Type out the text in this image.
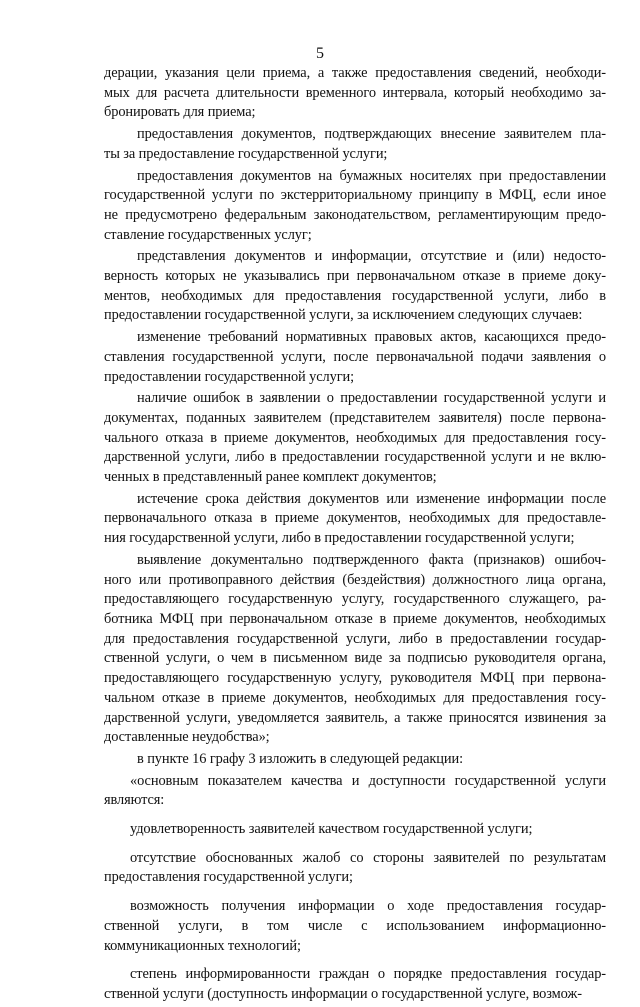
5
дерации, указания цели приема, а также предоставления сведений, необходи-
мых для расчета длительности временного интервала, который необходимо за-
бронировать для приема;
предоставления документов, подтверждающих внесение заявителем пла-
ты за предоставление государственной услуги;
предоставления документов на бумажных носителях при предоставлении
государственной услуги по экстерриториальному принципу в МФЦ, если иное
не предусмотрено федеральным законодательством, регламентирующим предо-
ставление государственных услуг;
представления документов и информации, отсутствие и (или) недосто-
верность которых не указывались при первоначальном отказе в приеме доку-
ментов, необходимых для предоставления государственной услуги, либо в
предоставлении государственной услуги, за исключением следующих случаев:
изменение требований нормативных правовых актов, касающихся предо-
ставления государственной услуги, после первоначальной подачи заявления о
предоставлении государственной услуги;
наличие ошибок в заявлении о предоставлении государственной услуги и
документах, поданных заявителем (представителем заявителя) после первона-
чального отказа в приеме документов, необходимых для предоставления госу-
дарственной услуги, либо в предоставлении государственной услуги и не вклю-
ченных в представленный ранее комплект документов;
истечение срока действия документов или изменение информации после
первоначального отказа в приеме документов, необходимых для предоставле-
ния государственной услуги, либо в предоставлении государственной услуги;
выявление документально подтвержденного факта (признаков) ошибоч-
ного или противоправного действия (бездействия) должностного лица органа,
предоставляющего государственную услугу, государственного служащего, ра-
ботника МФЦ при первоначальном отказе в приеме документов, необходимых
для предоставления государственной услуги, либо в предоставлении государ-
ственной услуги, о чем в письменном виде за подписью руководителя органа,
предоставляющего государственную услугу, руководителя МФЦ при первона-
чальном отказе в приеме документов, необходимых для предоставления госу-
дарственной услуги, уведомляется заявитель, а также приносятся извинения за
доставленные неудобства»;
в пункте 16 графу 3 изложить в следующей редакции:
«основным показателем качества и доступности государственной услуги
являются:
удовлетворенность заявителей качеством государственной услуги;
отсутствие обоснованных жалоб со стороны заявителей по результатам
предоставления государственной услуги;
возможность получения информации о ходе предоставления государ-
ственной услуги, в том числе с использованием информационно-
коммуникационных технологий;
степень информированности граждан о порядке предоставления государ-
ственной услуги (доступность информации о государственной услуге, возмож-
